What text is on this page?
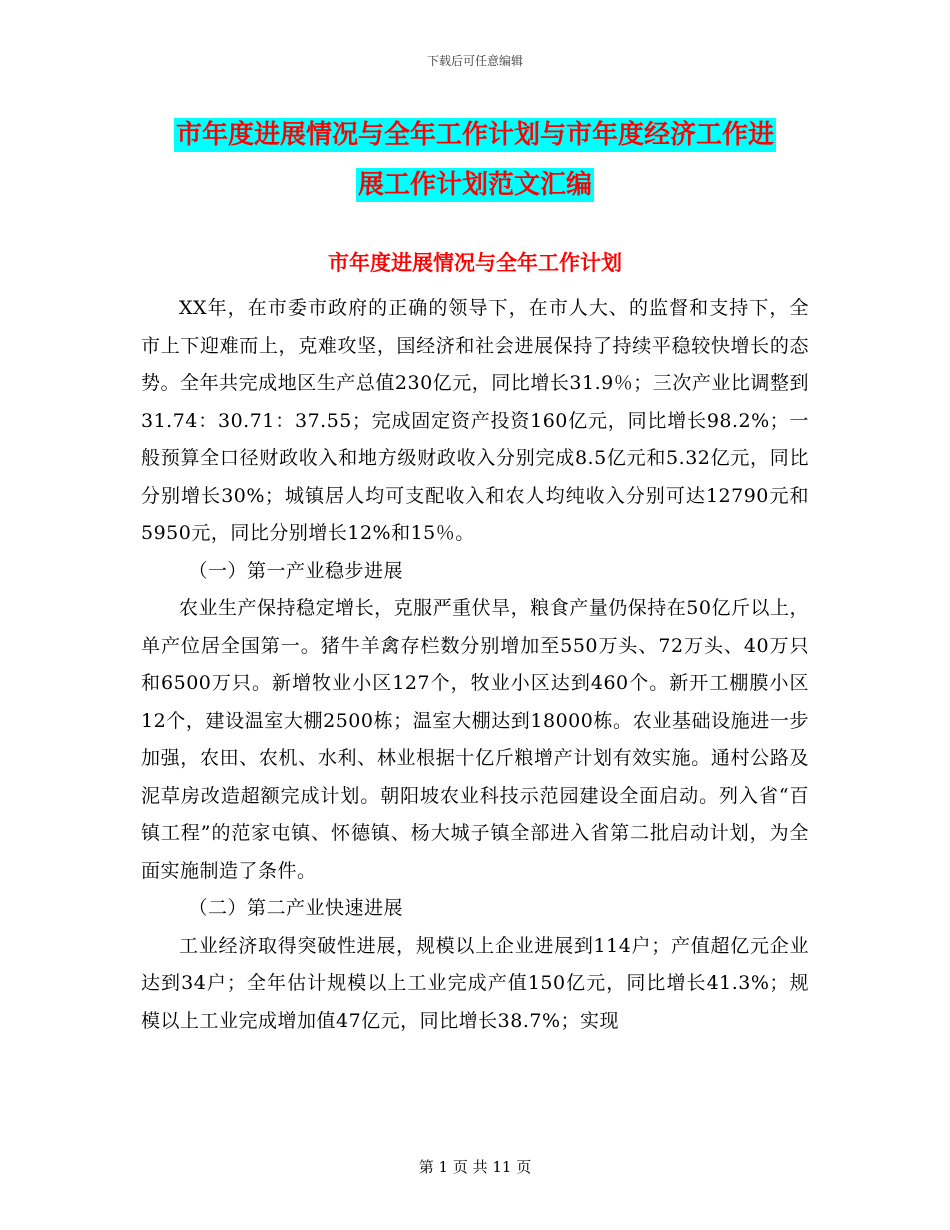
下载后可任意编辑
市年度进展情况与全年工作计划与市年度经济工作进
展工作计划范文汇编
市年度进展情况与全年工作计划

XX年，在市委市政府的正确的领导下，在市人大、的监督和支持下，全市上下迎难而上，克难攻坚，国经济和社会进展保持了持续平稳较快增长的态势。全年共完成地区生产总值230亿元，同比增长31.9％；三次产业比调整到31.74：30.71：37.55；完成固定资产投资160亿元，同比增长98.2%；一般预算全口径财政收入和地方级财政收入分别完成8.5亿元和5.32亿元，同比分别增长30%；城镇居人均可支配收入和农人均纯收入分别可达12790元和5950元，同比分别增长12%和15％。

（一）第一产业稳步进展

农业生产保持稳定增长，克服严重伏旱，粮食产量仍保持在50亿斤以上，单产位居全国第一。猪牛羊禽存栏数分别增加至550万头、72万头、40万只和6500万只。新增牧业小区127个，牧业小区达到460个。新开工棚膜小区12个，建设温室大棚2500栋；温室大棚达到18000栋。农业基础设施进一步加强，农田、农机、水利、林业根据十亿斤粮增产计划有效实施。通村公路及泥草房改造超额完成计划。朝阳坡农业科技示范园建设全面启动。列入省“百镇工程”的范家屯镇、怀德镇、杨大城子镇全部进入省第二批启动计划，为全面实施制造了条件。

（二）第二产业快速进展

工业经济取得突破性进展，规模以上企业进展到114户；产值超亿元企业达到34户；全年估计规模以上工业完成产值150亿元，同比增长41.3%；规模以上工业完成增加值47亿元，同比增长38.7%；实现

第 1 页 共 11 页
